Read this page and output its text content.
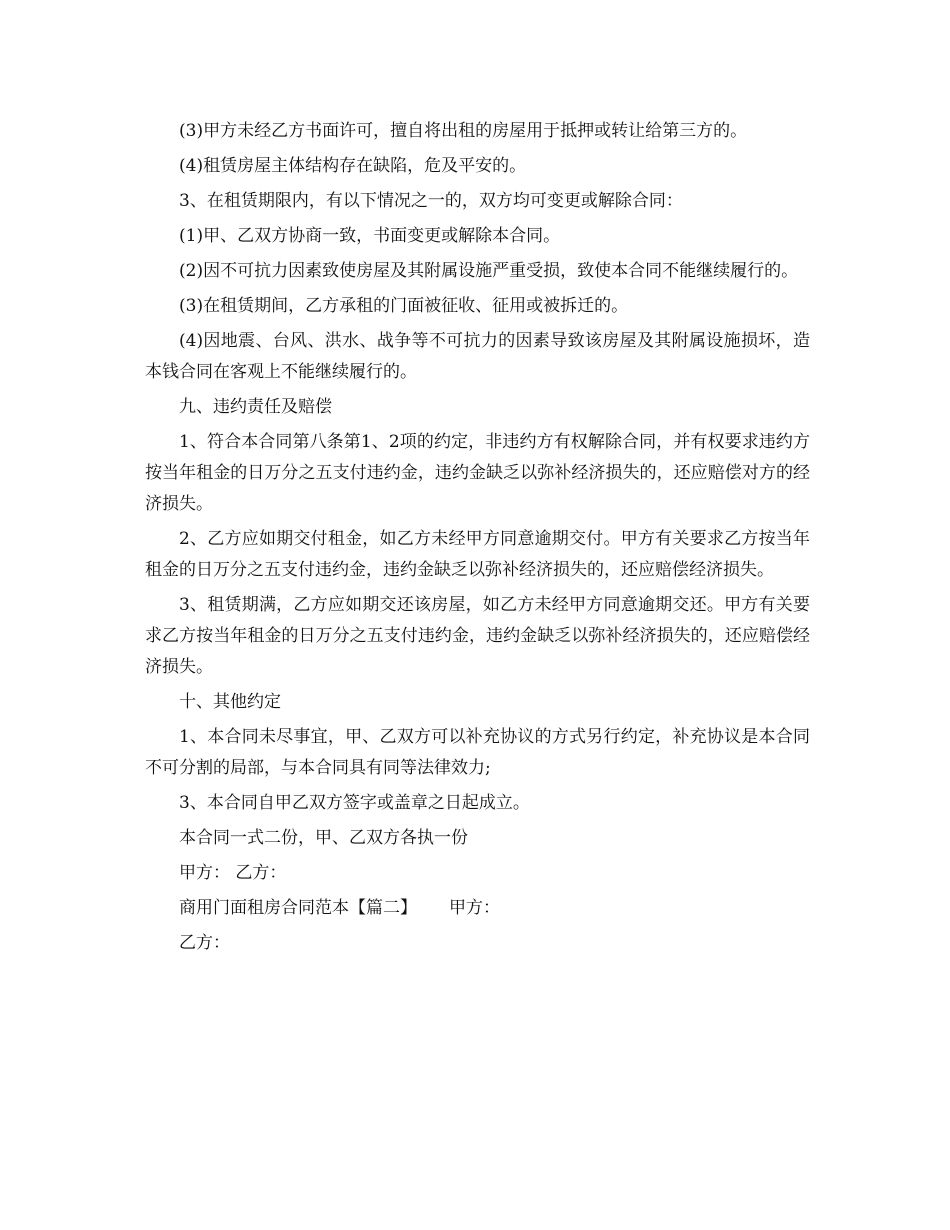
(3)甲方未经乙方书面许可，擅自将出租的房屋用于抵押或转让给第三方的。

(4)租赁房屋主体结构存在缺陷，危及平安的。

3、在租赁期限内，有以下情况之一的，双方均可变更或解除合同：

(1)甲、乙双方协商一致，书面变更或解除本合同。

(2)因不可抗力因素致使房屋及其附属设施严重受损，致使本合同不能继续履行的。

(3)在租赁期间，乙方承租的门面被征收、征用或被拆迁的。

(4)因地震、台风、洪水、战争等不可抗力的因素导致该房屋及其附属设施损坏，造本钱合同在客观上不能继续履行的。

九、违约责任及赔偿

1、符合本合同第八条第1、2项的约定，非违约方有权解除合同，并有权要求违约方按当年租金的日万分之五支付违约金，违约金缺乏以弥补经济损失的，还应赔偿对方的经济损失。

2、乙方应如期交付租金，如乙方未经甲方同意逾期交付。甲方有关要求乙方按当年租金的日万分之五支付违约金，违约金缺乏以弥补经济损失的，还应赔偿经济损失。

3、租赁期满，乙方应如期交还该房屋，如乙方未经甲方同意逾期交还。甲方有关要求乙方按当年租金的日万分之五支付违约金，违约金缺乏以弥补经济损失的，还应赔偿经济损失。

十、其他约定

1、本合同未尽事宜，甲、乙双方可以补充协议的方式另行约定，补充协议是本合同不可分割的局部，与本合同具有同等法律效力;

3、本合同自甲乙双方签字或盖章之日起成立。

本合同一式二份，甲、乙双方各执一份

甲方： 乙方：

商用门面租房合同范本【篇二】 甲方：

乙方：
